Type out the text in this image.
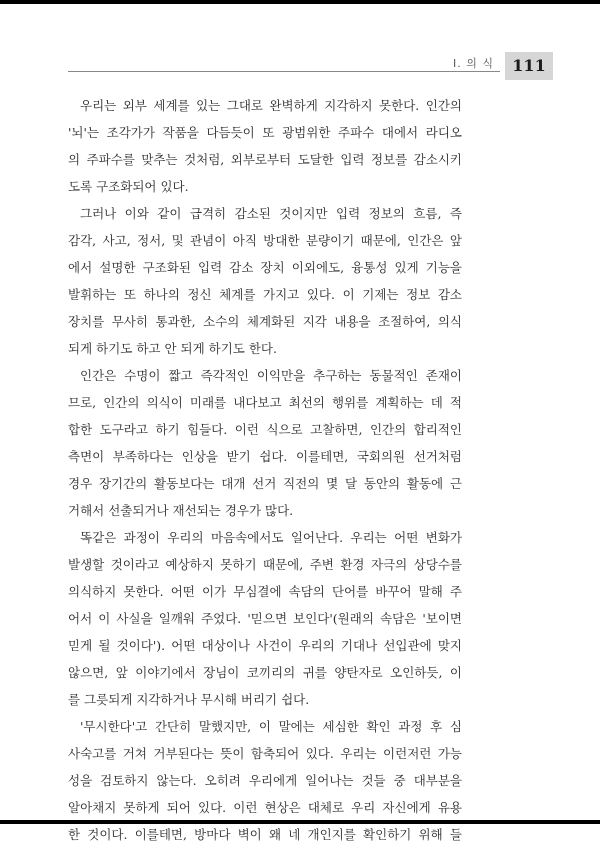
I. 의 식	111
우리는 외부 세계를 있는 그대로 완벽하게 지각하지 못한다. 인간의
'뇌'는 조각가가 작품을 다듬듯이 또 광범위한 주파수 대에서 라디오
의 주파수를 맞추는 것처럼, 외부로부터 도달한 입력 정보를 감소시키
도록 구조화되어 있다.
그러나 이와 같이 급격히 감소된 것이지만 입력 정보의 흐름, 즉
감각, 사고, 정서, 및 관념이 아직 방대한 분량이기 때문에, 인간은 앞
에서 설명한 구조화된 입력 감소 장치 이외에도, 융통성 있게 기능을
발휘하는 또 하나의 정신 체계를 가지고 있다. 이 기제는 정보 감소
장치를 무사히 통과한, 소수의 체계화된 지각 내용을 조절하여, 의식
되게 하기도 하고 안 되게 하기도 한다.
인간은 수명이 짧고 즉각적인 이익만을 추구하는 동물적인 존재이
므로, 인간의 의식이 미래를 내다보고 최선의 행위를 계획하는 데 적
합한 도구라고 하기 힘들다. 이런 식으로 고찰하면, 인간의 합리적인
측면이 부족하다는 인상을 받기 쉽다. 이를테면, 국회의원 선거처럼
경우 장기간의 활동보다는 대개 선거 직전의 몇 달 동안의 활동에 근
거해서 선출되거나 재선되는 경우가 많다.
똑같은 과정이 우리의 마음속에서도 일어난다. 우리는 어떤 변화가
발생할 것이라고 예상하지 못하기 때문에, 주변 환경 자극의 상당수를
의식하지 못한다. 어떤 이가 무심결에 속담의 단어를 바꾸어 말해 주
어서 이 사실을 일깨워 주었다. '믿으면 보인다'(원래의 속담은 '보이면
믿게 될 것이다'). 어떤 대상이나 사건이 우리의 기대나 선입관에 맞지
않으면, 앞 이야기에서 장님이 코끼리의 귀를 양탄자로 오인하듯, 이
를 그릇되게 지각하거나 무시해 버리기 쉽다.
'무시한다'고 간단히 말했지만, 이 말에는 세심한 확인 과정 후 심
사숙고를 거쳐 거부된다는 뜻이 함축되어 있다. 우리는 이런저런 가능
성을 검토하지 않는다. 오히려 우리에게 일어나는 것들 중 대부분을
알아채지 못하게 되어 있다. 이런 현상은 대체로 우리 자신에게 유용
한 것이다. 이를테면, 방마다 벽이 왜 네 개인지를 확인하기 위해 들
